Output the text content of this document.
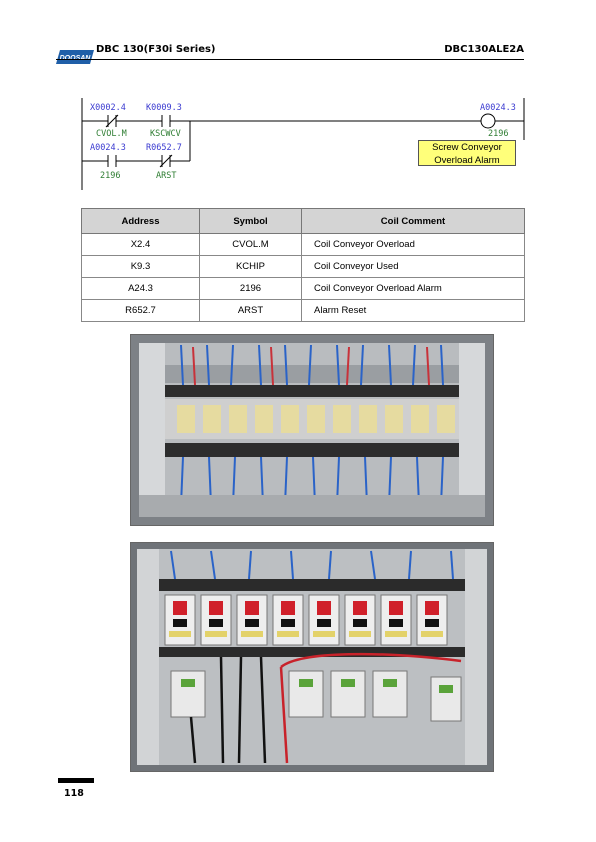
DBC 130(F30i Series)	DBC130ALE2A
X0002.4
CVOL.M
K0009.3
KSCWCV
A0024.3
2196
A0024.3
2196
R0652.7
ARST
Screw Conveyor
Overload Alarm
Address	Symbol	Coil Comment
X2.4	CVOL.M	Coil Conveyor Overload
K9.3	KCHIP	Coil Conveyor Used
A24.3	2196	Coil Conveyor Overload Alarm
R652.7	ARST	Alarm Reset
118
